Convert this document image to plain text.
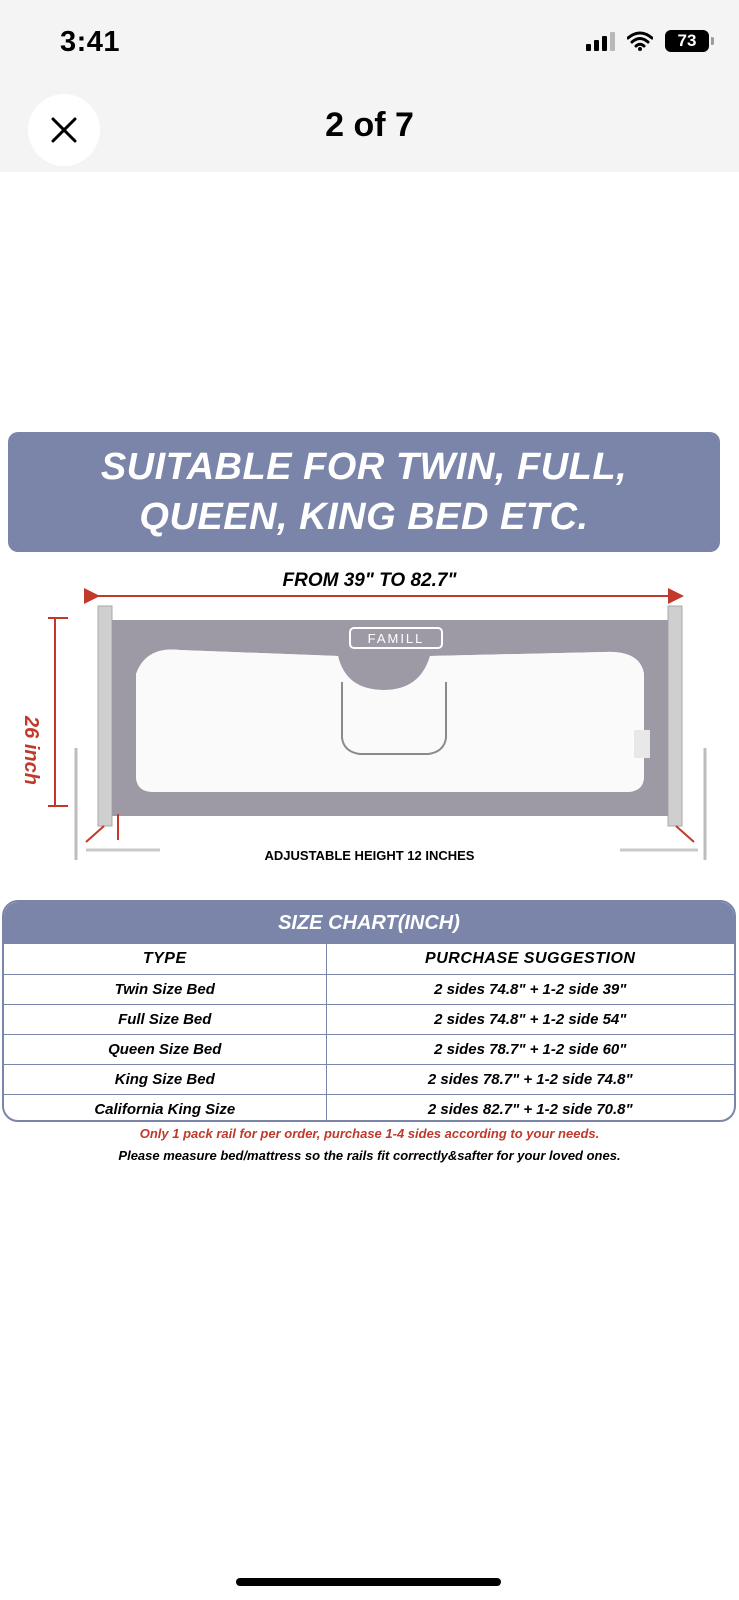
3:41	73
2 of 7
SUITABLE FOR TWIN, FULL,
QUEEN, KING BED ETC.
FAMILL
FROM 39" TO 82.7"
26 inch
ADJUSTABLE HEIGHT 12 INCHES
SIZE CHART(INCH)
TYPE	PURCHASE SUGGESTION
Twin Size Bed	2 sides 74.8" + 1-2 side 39"
Full Size Bed	2 sides 74.8" + 1-2 side 54"
Queen Size Bed	2 sides 78.7" + 1-2 side 60"
King Size Bed	2 sides 78.7" + 1-2 side 74.8"
California King Size	2 sides 82.7" + 1-2 side 70.8"
Only 1 pack rail for per order, purchase 1-4 sides according to your needs.
Please measure bed/mattress so the rails fit correctly&safter for your loved ones.
